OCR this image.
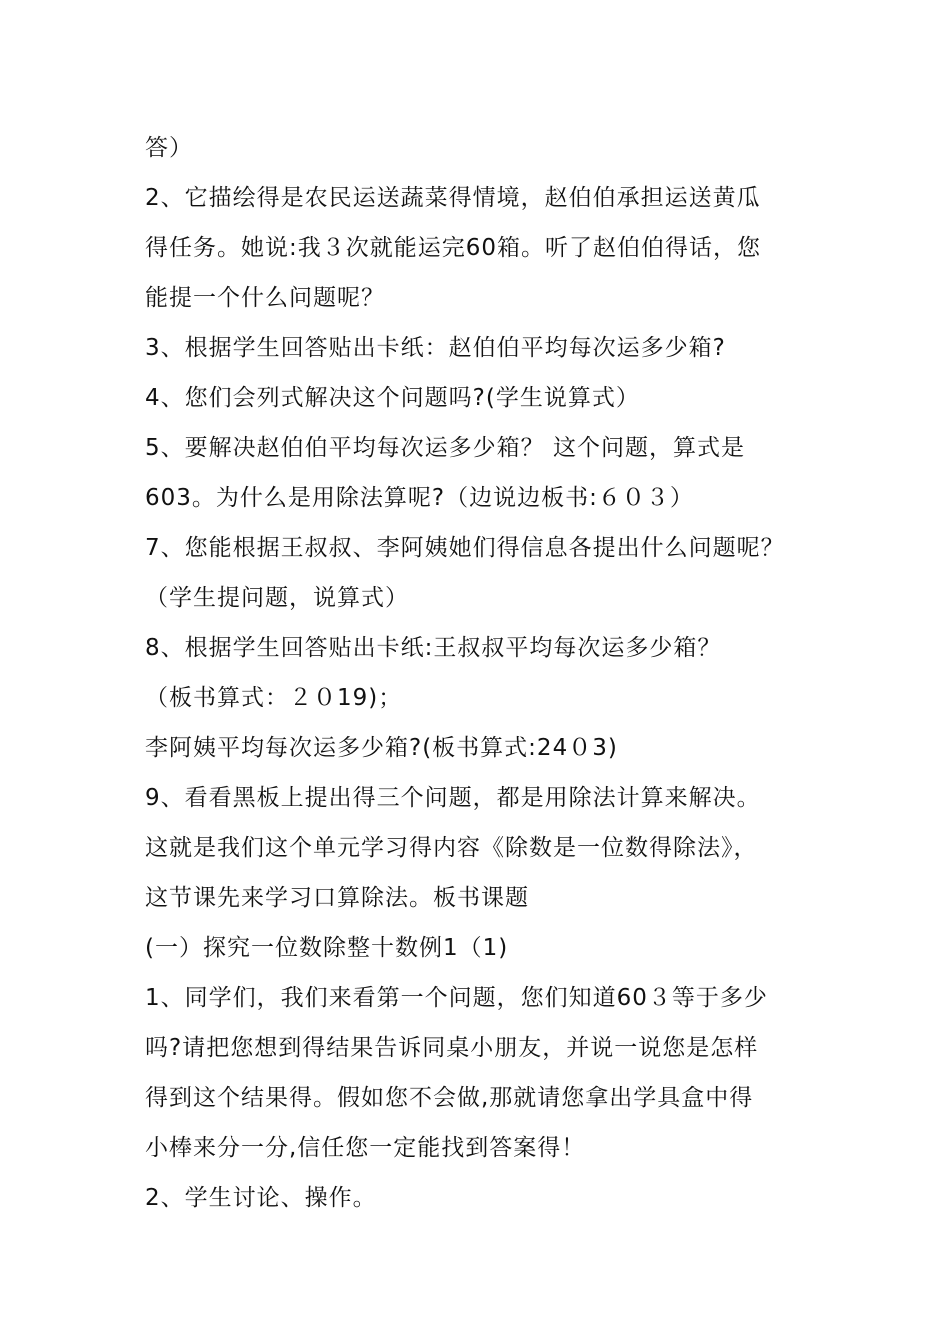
答）
2、它描绘得是农民运送蔬菜得情境，赵伯伯承担运送黄瓜
得任务。她说:我３次就能运完60箱。听了赵伯伯得话，您
能提一个什么问题呢？
3、根据学生回答贴出卡纸：赵伯伯平均每次运多少箱?
4、您们会列式解决这个问题吗?(学生说算式）
5、要解决赵伯伯平均每次运多少箱？ 这个问题，算式是
603。为什么是用除法算呢?（边说边板书:６０３）
7、您能根据王叔叔、李阿姨她们得信息各提出什么问题呢？
（学生提问题，说算式）
8、根据学生回答贴出卡纸:王叔叔平均每次运多少箱？
（板书算式：２０19)；
李阿姨平均每次运多少箱?(板书算式:24０3)
9、看看黑板上提出得三个问题，都是用除法计算来解决。
这就是我们这个单元学习得内容《除数是一位数得除法》，
这节课先来学习口算除法。板书课题
(一）探究一位数除整十数例1（1)
1、同学们，我们来看第一个问题，您们知道60３等于多少
吗?请把您想到得结果告诉同桌小朋友，并说一说您是怎样
得到这个结果得。假如您不会做,那就请您拿出学具盒中得
小棒来分一分,信任您一定能找到答案得！
2、学生讨论、操作。
